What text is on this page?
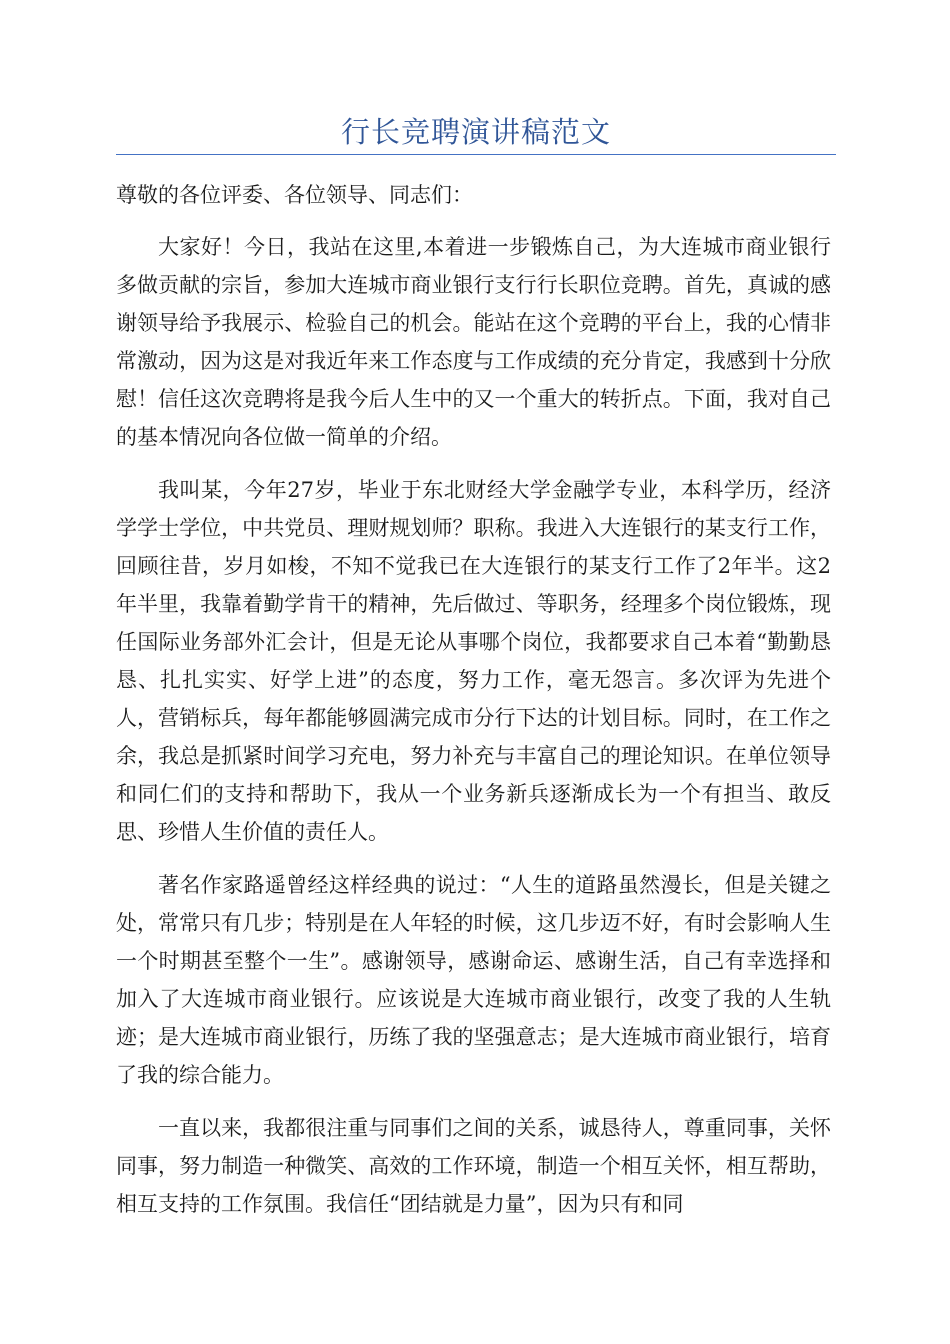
行长竞聘演讲稿范文

尊敬的各位评委、各位领导、同志们：

大家好！今日，我站在这里,本着进一步锻炼自己，为大连城市商业银行多做贡献的宗旨，参加大连城市商业银行支行行长职位竞聘。首先，真诚的感谢领导给予我展示、检验自己的机会。能站在这个竞聘的平台上，我的心情非常激动，因为这是对我近年来工作态度与工作成绩的充分肯定，我感到十分欣慰！信任这次竞聘将是我今后人生中的又一个重大的转折点。下面，我对自己的基本情况向各位做一简单的介绍。

我叫某，今年27岁，毕业于东北财经大学金融学专业，本科学历，经济学学士学位，中共党员、理财规划师？职称。我进入大连银行的某支行工作，回顾往昔，岁月如梭，不知不觉我已在大连银行的某支行工作了2年半。这2年半里，我靠着勤学肯干的精神，先后做过、等职务，经理多个岗位锻炼，现任国际业务部外汇会计，但是无论从事哪个岗位，我都要求自己本着“勤勤恳恳、扎扎实实、好学上进”的态度，努力工作，毫无怨言。多次评为先进个人，营销标兵，每年都能够圆满完成市分行下达的计划目标。同时，在工作之余，我总是抓紧时间学习充电，努力补充与丰富自己的理论知识。在单位领导和同仁们的支持和帮助下，我从一个业务新兵逐渐成长为一个有担当、敢反思、珍惜人生价值的责任人。

著名作家路遥曾经这样经典的说过：“人生的道路虽然漫长，但是关键之处，常常只有几步；特别是在人年轻的时候，这几步迈不好，有时会影响人生一个时期甚至整个一生”。感谢领导，感谢命运、感谢生活，自己有幸选择和加入了大连城市商业银行。应该说是大连城市商业银行，改变了我的人生轨迹；是大连城市商业银行，历练了我的坚强意志；是大连城市商业银行，培育了我的综合能力。

一直以来，我都很注重与同事们之间的关系，诚恳待人，尊重同事，关怀同事，努力制造一种微笑、高效的工作环境，制造一个相互关怀，相互帮助，相互支持的工作氛围。我信任“团结就是力量”，因为只有和同
